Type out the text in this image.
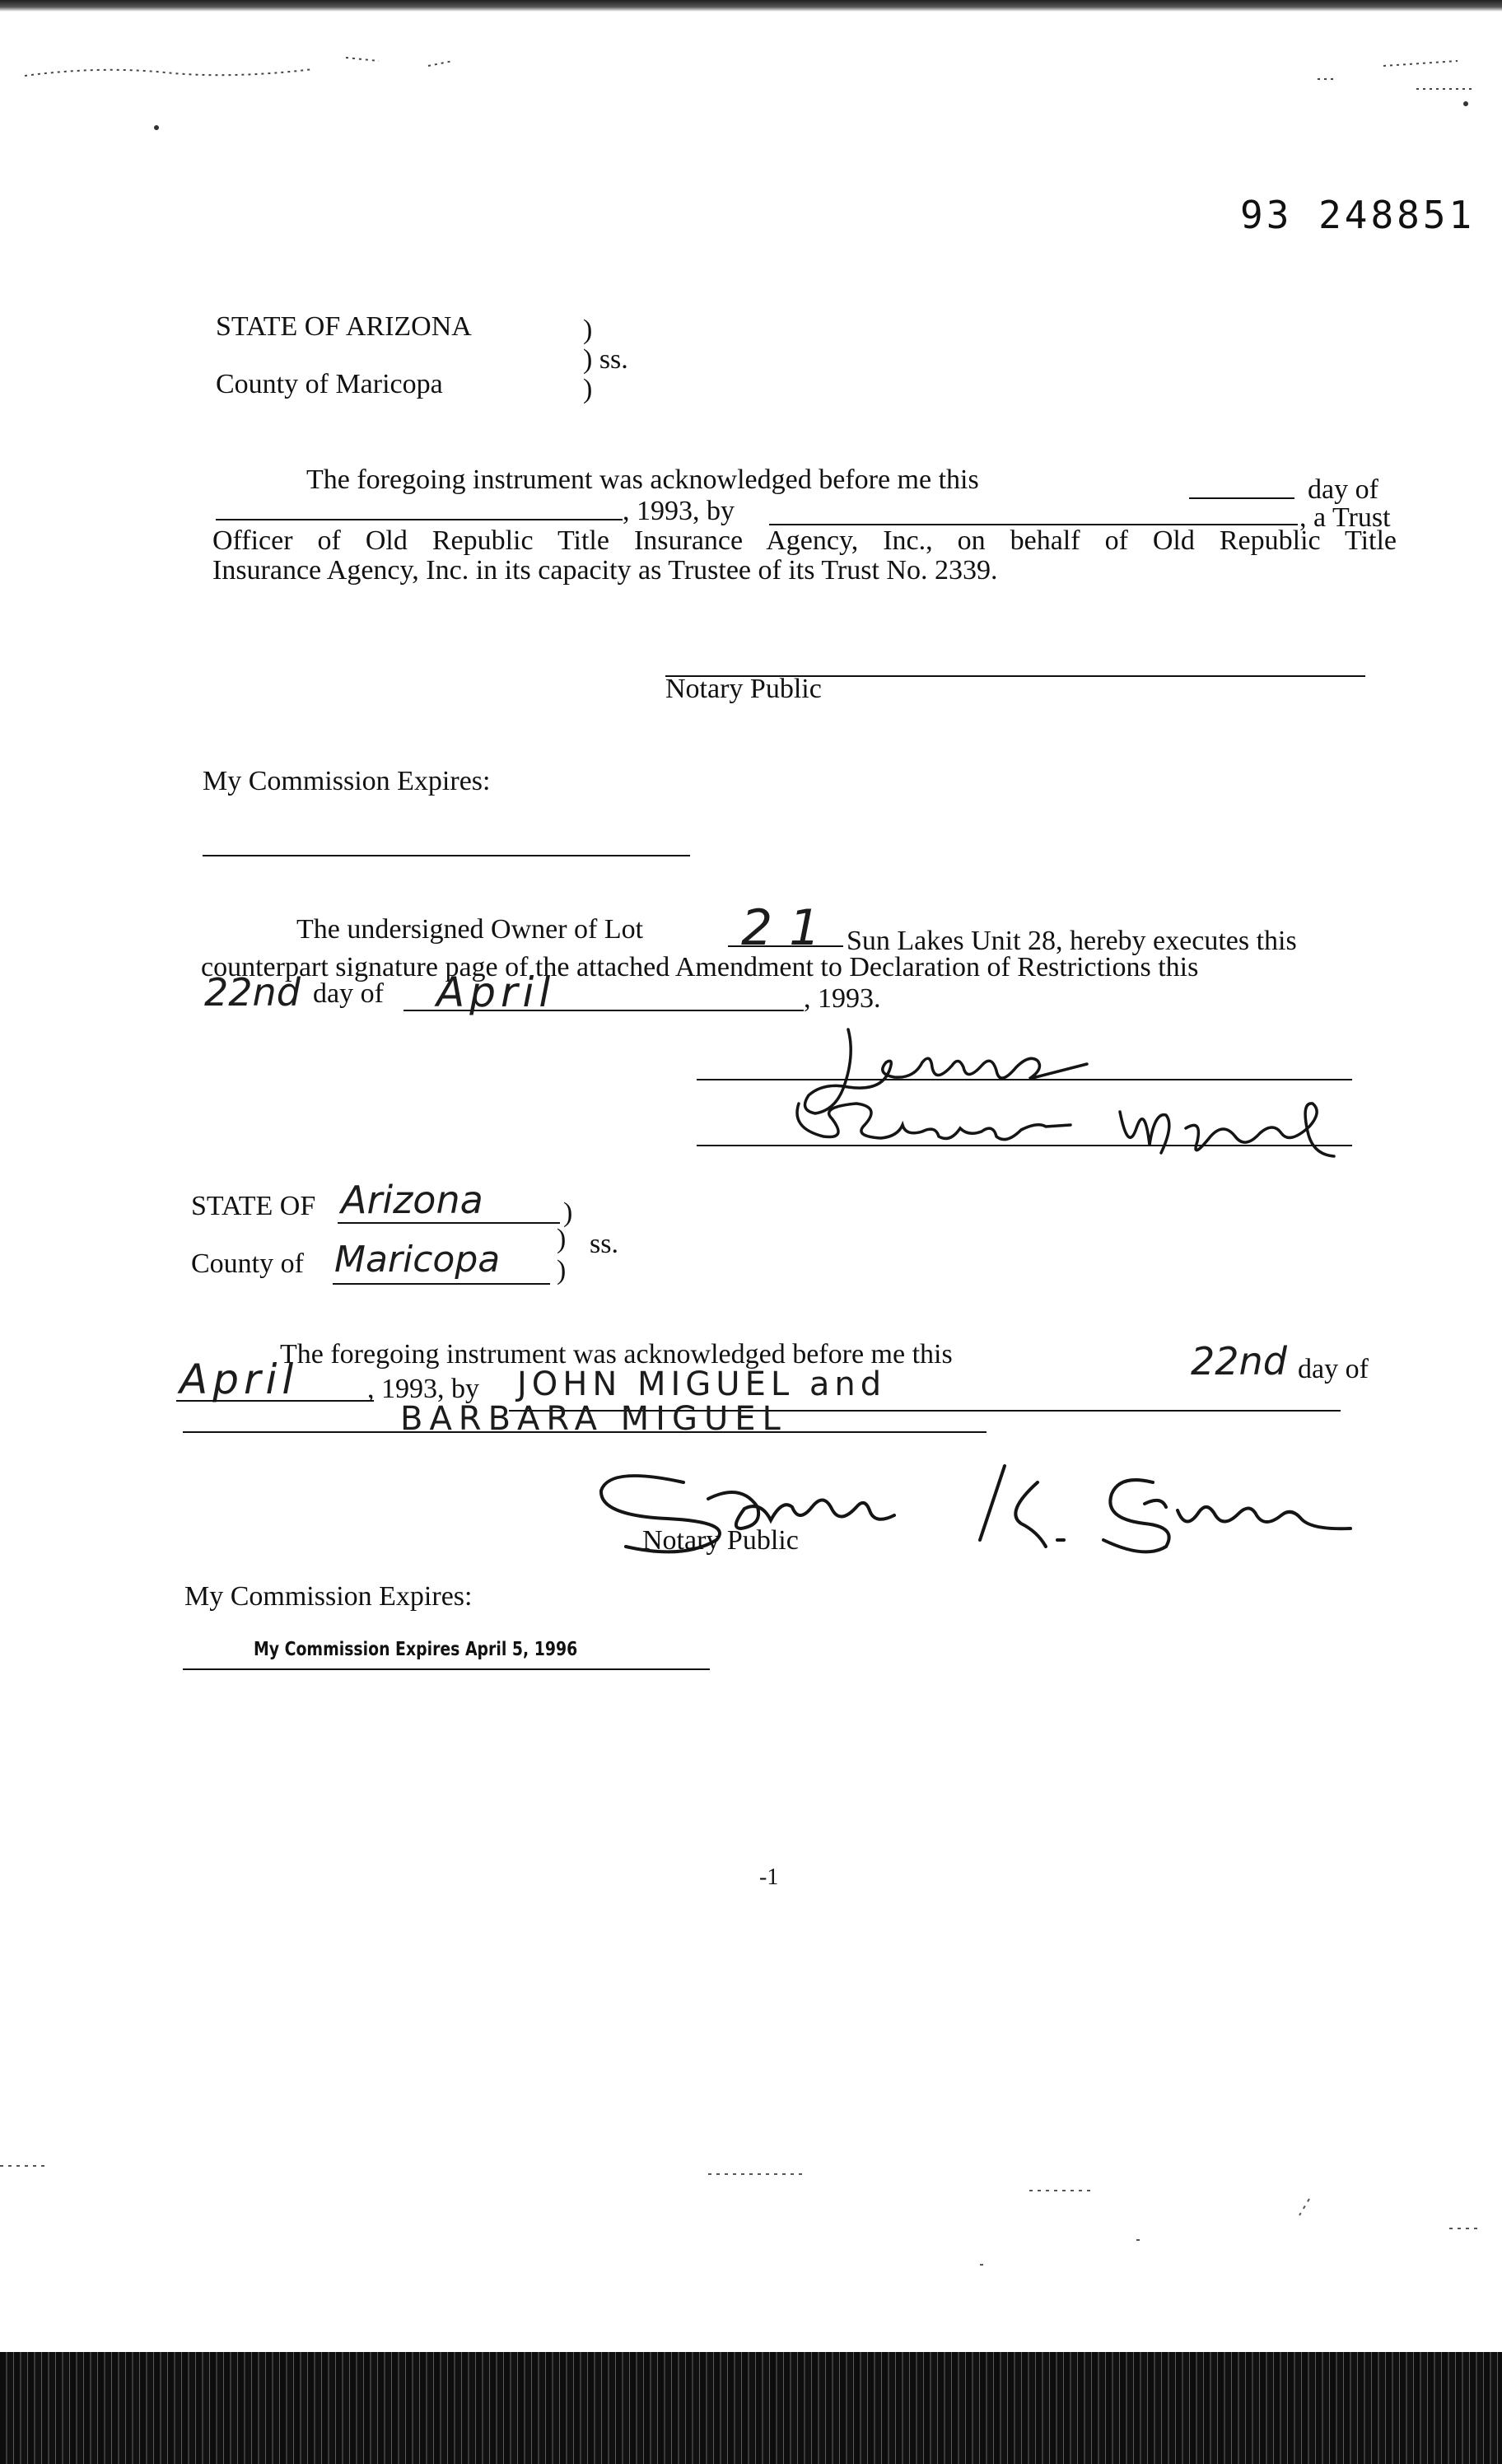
93 248851
STATE OF ARIZONA	)
) ss.
)
County of Maricopa
The foregoing instrument was acknowledged before me this	day of
, 1993, by	, a Trust
Officer of Old Republic Title Insurance Agency, Inc., on behalf of Old Republic Title
Insurance Agency, Inc. in its capacity as Trustee of its Trust No. 2339.
Notary Public
My Commission Expires:
The undersigned Owner of Lot 21 Sun Lakes Unit 28, hereby executes this
counterpart signature page of the attached Amendment to Declaration of Restrictions this
22nd day of April	, 1993.
STATE OF Arizona	)
County of Maricopa )
)
ss.
April
The foregoing instrument was acknowledged before me this	22nd day of
, 1993, by JOHN MIGUEL and
BARBARA MIGUEL
Notary Public
My Commission Expires:
My Commission Expires April 5, 1996
-1
